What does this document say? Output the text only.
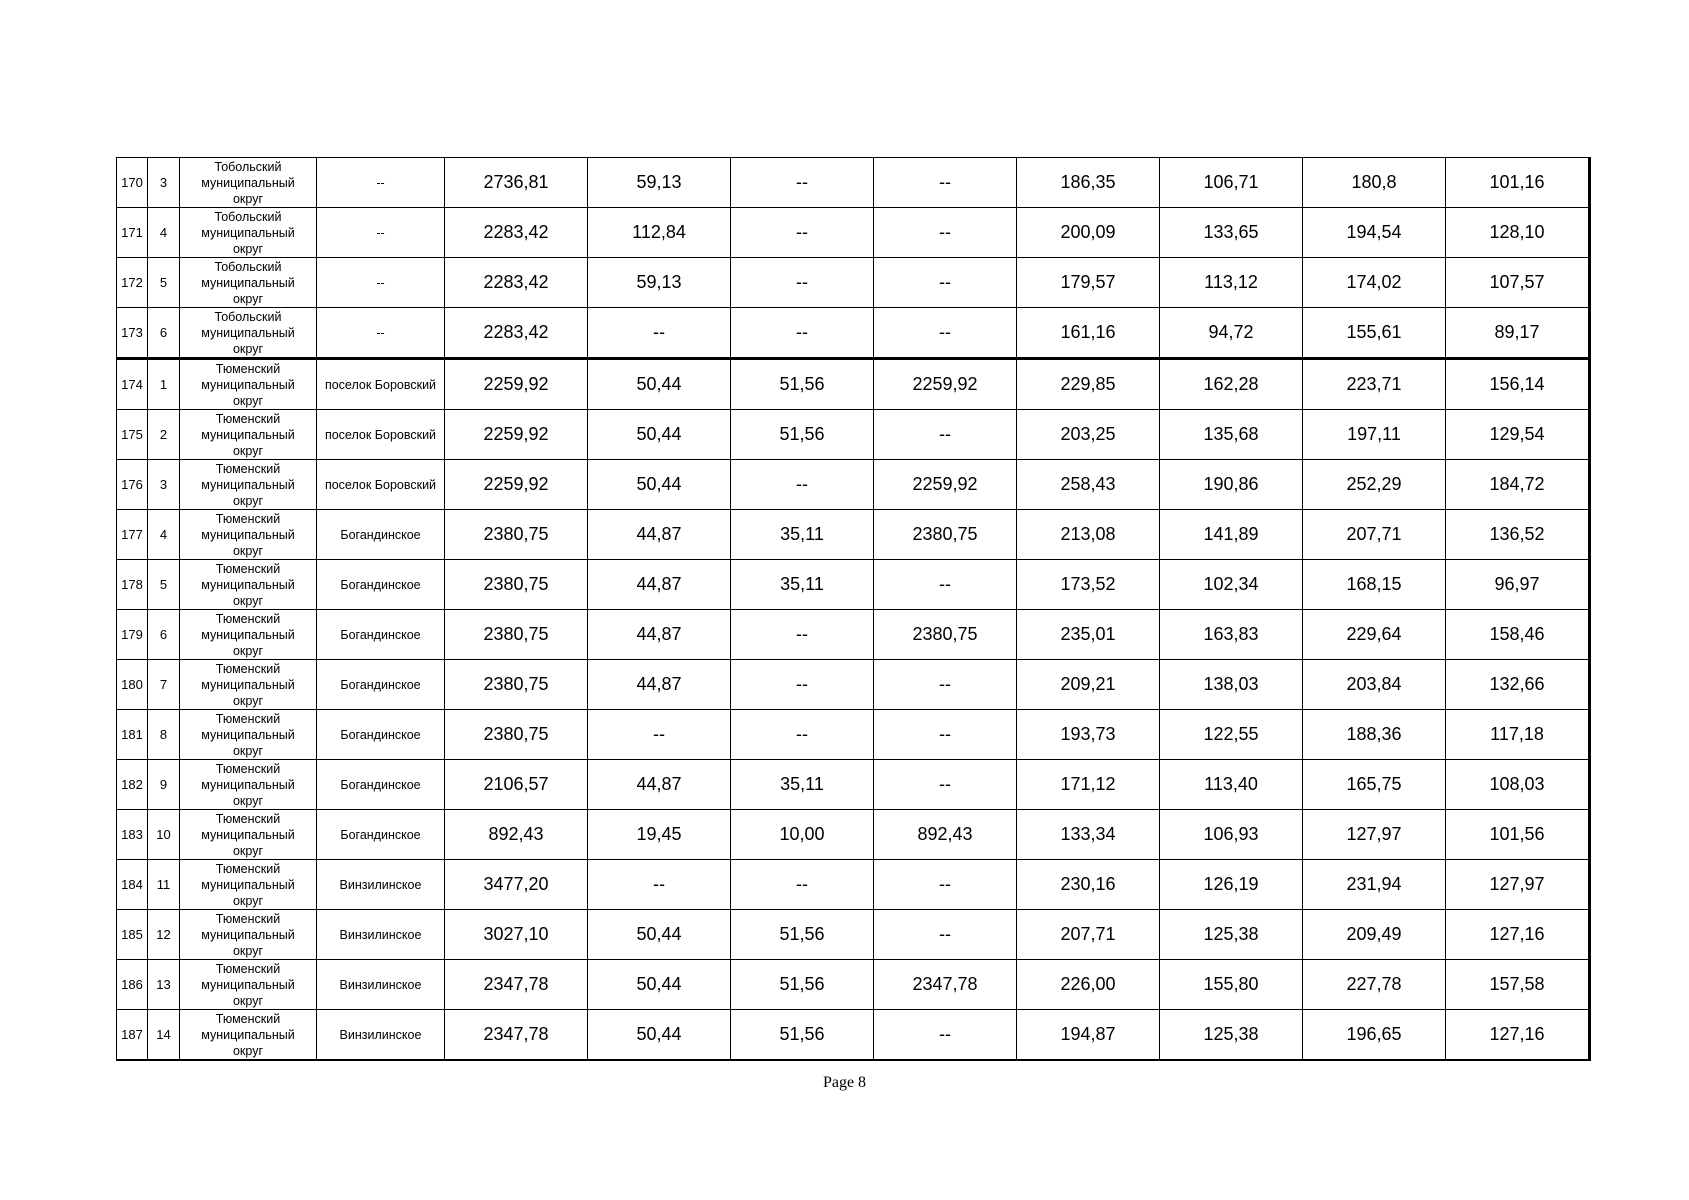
170	3	Тобольский
муниципальный
округ	--	2736,81	59,13	--	--	186,35	106,71	180,8	101,16
171	4	Тобольский
муниципальный
округ	--	2283,42	112,84	--	--	200,09	133,65	194,54	128,10
172	5	Тобольский
муниципальный
округ	--	2283,42	59,13	--	--	179,57	113,12	174,02	107,57
173	6	Тобольский
муниципальный
округ	--	2283,42	--	--	--	161,16	94,72	155,61	89,17
174	1	Тюменский
муниципальный
округ	поселок Боровский	2259,92	50,44	51,56	2259,92	229,85	162,28	223,71	156,14
175	2	Тюменский
муниципальный
округ	поселок Боровский	2259,92	50,44	51,56	--	203,25	135,68	197,11	129,54
176	3	Тюменский
муниципальный
округ	поселок Боровский	2259,92	50,44	--	2259,92	258,43	190,86	252,29	184,72
177	4	Тюменский
муниципальный
округ	Богандинское	2380,75	44,87	35,11	2380,75	213,08	141,89	207,71	136,52
178	5	Тюменский
муниципальный
округ	Богандинское	2380,75	44,87	35,11	--	173,52	102,34	168,15	96,97
179	6	Тюменский
муниципальный
округ	Богандинское	2380,75	44,87	--	2380,75	235,01	163,83	229,64	158,46
180	7	Тюменский
муниципальный
округ	Богандинское	2380,75	44,87	--	--	209,21	138,03	203,84	132,66
181	8	Тюменский
муниципальный
округ	Богандинское	2380,75	--	--	--	193,73	122,55	188,36	117,18
182	9	Тюменский
муниципальный
округ	Богандинское	2106,57	44,87	35,11	--	171,12	113,40	165,75	108,03
183	10	Тюменский
муниципальный
округ	Богандинское	892,43	19,45	10,00	892,43	133,34	106,93	127,97	101,56
184	11	Тюменский
муниципальный
округ	Винзилинское	3477,20	--	--	--	230,16	126,19	231,94	127,97
185	12	Тюменский
муниципальный
округ	Винзилинское	3027,10	50,44	51,56	--	207,71	125,38	209,49	127,16
186	13	Тюменский
муниципальный
округ	Винзилинское	2347,78	50,44	51,56	2347,78	226,00	155,80	227,78	157,58
187	14	Тюменский
муниципальный
округ	Винзилинское	2347,78	50,44	51,56	--	194,87	125,38	196,65	127,16
Page 8
